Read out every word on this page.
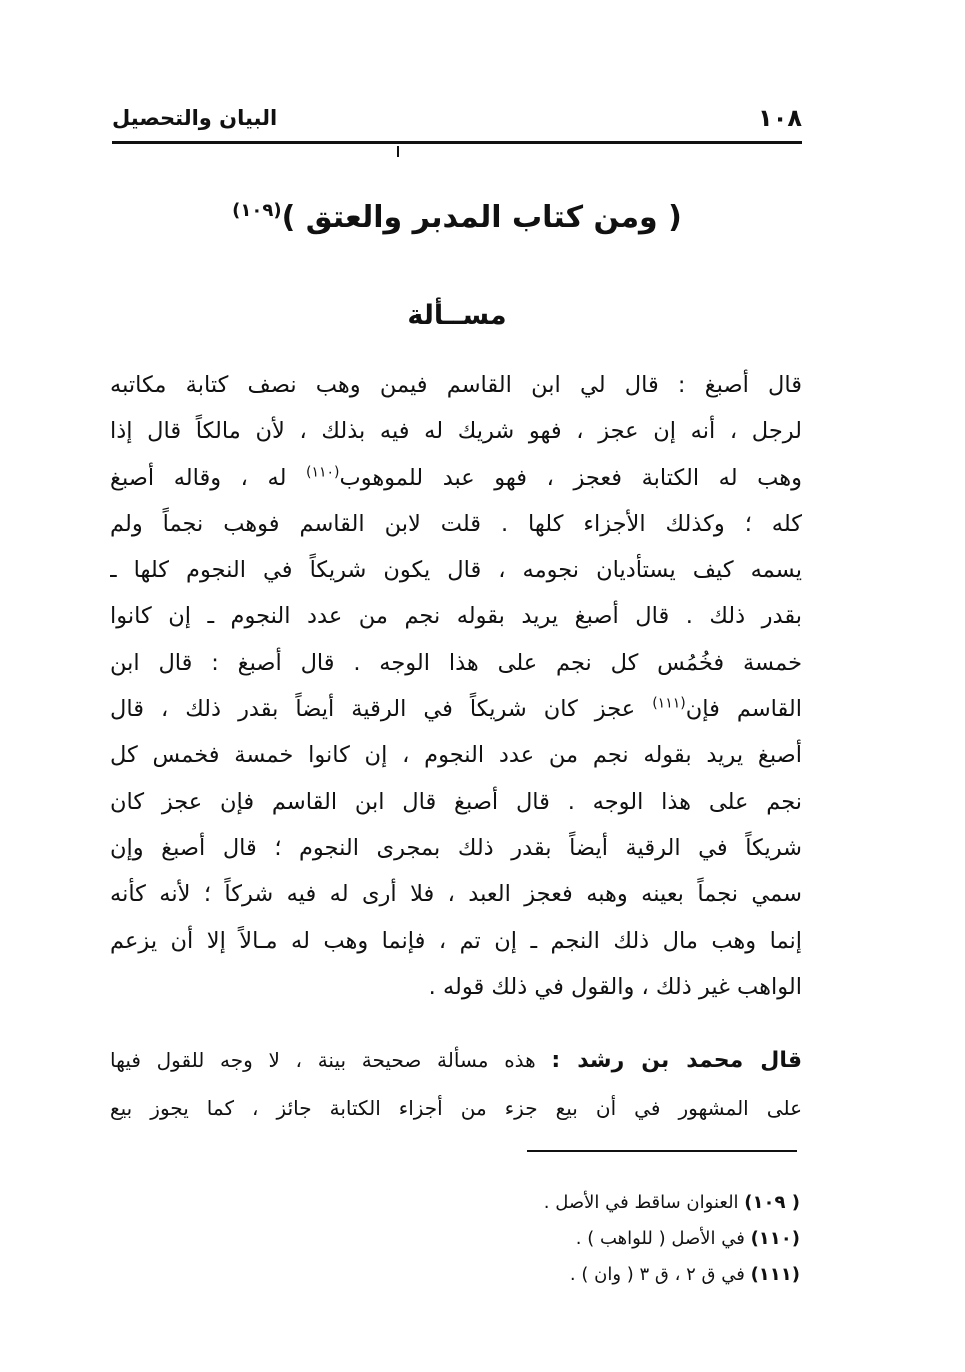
البيان والتحصيل	١٠٨
( ومن كتاب المدبر والعتق )$^{(١٠٩)}$
مســألة
قال أصبغ : قال لي ابن القاسم فيمن وهب نصف كتابة مكاتبه
لرجل ، أنه إن عجز ، فهو شريك له فيه بذلك ، لأن مالكاً قال إذا
وهب له الكتابة فعجز ، فهو عبد للموهوب$^{(١١٠)}$ له ، وقاله أصبغ
كله ؛ وكذلك الأجزاء كلها . قلت لابن القاسم فوهب نجماً ولم
يسمه كيف يستأديان نجومه ، قال يكون شريكاً في النجوم كلها ـ
بقدر ذلك . قال أصبغ يريد بقوله نجم من عدد النجوم ـ إن كانوا
خمسة فخُمُس كل نجم على هذا الوجه . قال أصبغ : قال ابن
القاسم فإن$^{(١١١)}$ عجز كان شريكاً في الرقية أيضاً بقدر ذلك ، قال
أصبغ يريد بقوله نجم من عدد النجوم ، إن كانوا خمسة فخمس كل
نجم على هذا الوجه . قال أصبغ قال ابن القاسم فإن عجز كان
شريكاً في الرقية أيضاً بقدر ذلك بمجرى النجوم ؛ قال أصبغ وإن
سمي نجماً بعينه وهبه فعجز العبد ، فلا أرى له فيه شركاً ؛ لأنه كأنه
إنما وهب مال ذلك النجم ـ إن تم ، فإنما وهب له مـالاً إلا أن يزعم
الواهب غير ذلك ، والقول في ذلك قوله .
قال محمد بن رشد : هذه مسألة صحيحة بينة ، لا وجه للقول فيها
على المشهور في أن بيع جزء من أجزاء الكتابة جائز ، كما يجوز بيع
( ١٠٩) العنوان ساقط في الأصل .
(١١٠) في الأصل ( للواهب ) .
(١١١) في ق ٢ ، ق ٣ ( وان ) .
